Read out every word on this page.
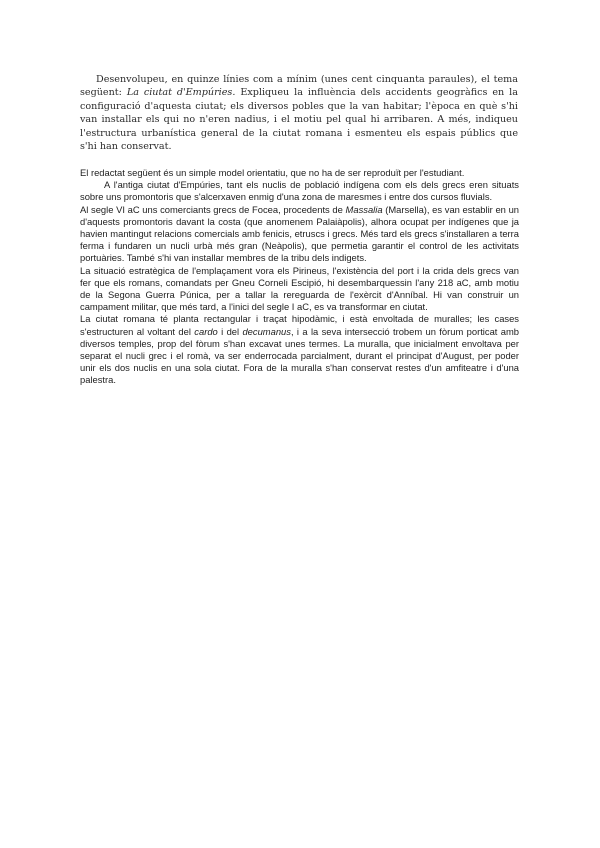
Desenvolupeu, en quinze línies com a mínim (unes cent cinquanta paraules), el tema següent: La ciutat d'Empúries. Expliqueu la influència dels accidents geogràfics en la configuració d'aquesta ciutat; els diversos pobles que la van habitar; l'època en què s'hi van installar els qui no n'eren nadius, i el motiu pel qual hi arribaren. A més, indiqueu l'estructura urbanística general de la ciutat romana i esmenteu els espais públics que s'hi han conservat.

El redactat següent és un simple model orientatiu, que no ha de ser reproduït per l'estudiant.

A l'antiga ciutat d'Empúries, tant els nuclis de població indígena com els dels grecs eren situats sobre uns promontoris que s'alcerxaven enmig d'una zona de maresmes i entre dos cursos fluvials.

Al segle VI aC uns comerciants grecs de Focea, procedents de Massalia (Marsella), es van establir en un d'aquests promontoris davant la costa (que anomenem Palaiàpolis), alhora ocupat per indígenes que ja havien mantingut relacions comercials amb fenicis, etruscs i grecs. Més tard els grecs s'installaren a terra ferma i fundaren un nucli urbà més gran (Neàpolis), que permetia garantir el control de les activitats portuàries. També s'hi van installar membres de la tribu dels indigets.

La situació estratègica de l'emplaçament vora els Pirineus, l'existència del port i la crida dels grecs van fer que els romans, comandats per Gneu Corneli Escipió, hi desembarquessin l'any 218 aC, amb motiu de la Segona Guerra Púnica, per a tallar la rereguarda de l'exèrcit d'Anníbal. Hi van construir un campament militar, que més tard, a l'inici del segle I aC, es va transformar en ciutat.

La ciutat romana té planta rectangular i traçat hipodàmic, i està envoltada de muralles; les cases s'estructuren al voltant del cardo i del decumanus, i a la seva intersecció trobem un fòrum porticat amb diversos temples, prop del fòrum s'han excavat unes termes. La muralla, que inicialment envoltava per separat el nucli grec i el romà, va ser enderrocada parcialment, durant el principat d'August, per poder unir els dos nuclis en una sola ciutat. Fora de la muralla s'han conservat restes d'un amfiteatre i d'una palestra.
